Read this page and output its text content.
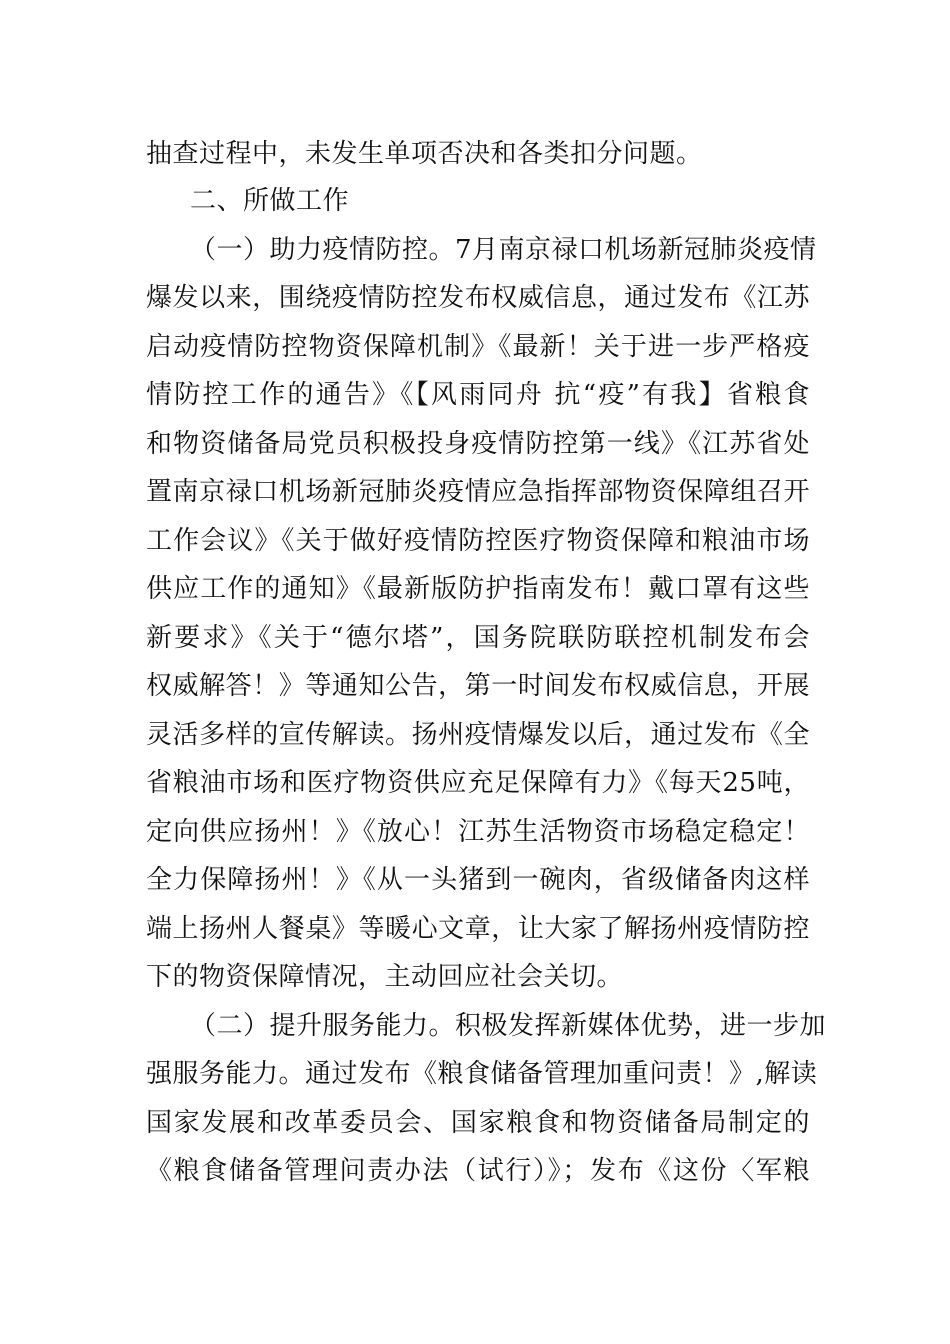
抽查过程中，未发生单项否决和各类扣分问题。
二、所做工作
（一）助力疫情防控。7月南京禄口机场新冠肺炎疫情
爆发以来，围绕疫情防控发布权威信息，通过发布《江苏
启动疫情防控物资保障机制》《最新！关于进一步严格疫
情防控工作的通告》《【风雨同舟 抗“疫”有我】省粮食
和物资储备局党员积极投身疫情防控第一线》《江苏省处
置南京禄口机场新冠肺炎疫情应急指挥部物资保障组召开
工作会议》《关于做好疫情防控医疗物资保障和粮油市场
供应工作的通知》《最新版防护指南发布！戴口罩有这些
新要求》《关于“德尔塔”，国务院联防联控机制发布会
权威解答！》等通知公告，第一时间发布权威信息，开展
灵活多样的宣传解读。扬州疫情爆发以后，通过发布《全
省粮油市场和医疗物资供应充足保障有力》《每天25吨，
定向供应扬州！》《放心！江苏生活物资市场稳定稳定！
全力保障扬州！》《从一头猪到一碗肉，省级储备肉这样
端上扬州人餐桌》等暖心文章，让大家了解扬州疫情防控
下的物资保障情况，主动回应社会关切。
（二）提升服务能力。积极发挥新媒体优势，进一步加
强服务能力。通过发布《粮食储备管理加重问责！》,解读
国家发展和改革委员会、国家粮食和物资储备局制定的
《粮食储备管理问责办法（试行）》；发布《这份〈军粮
